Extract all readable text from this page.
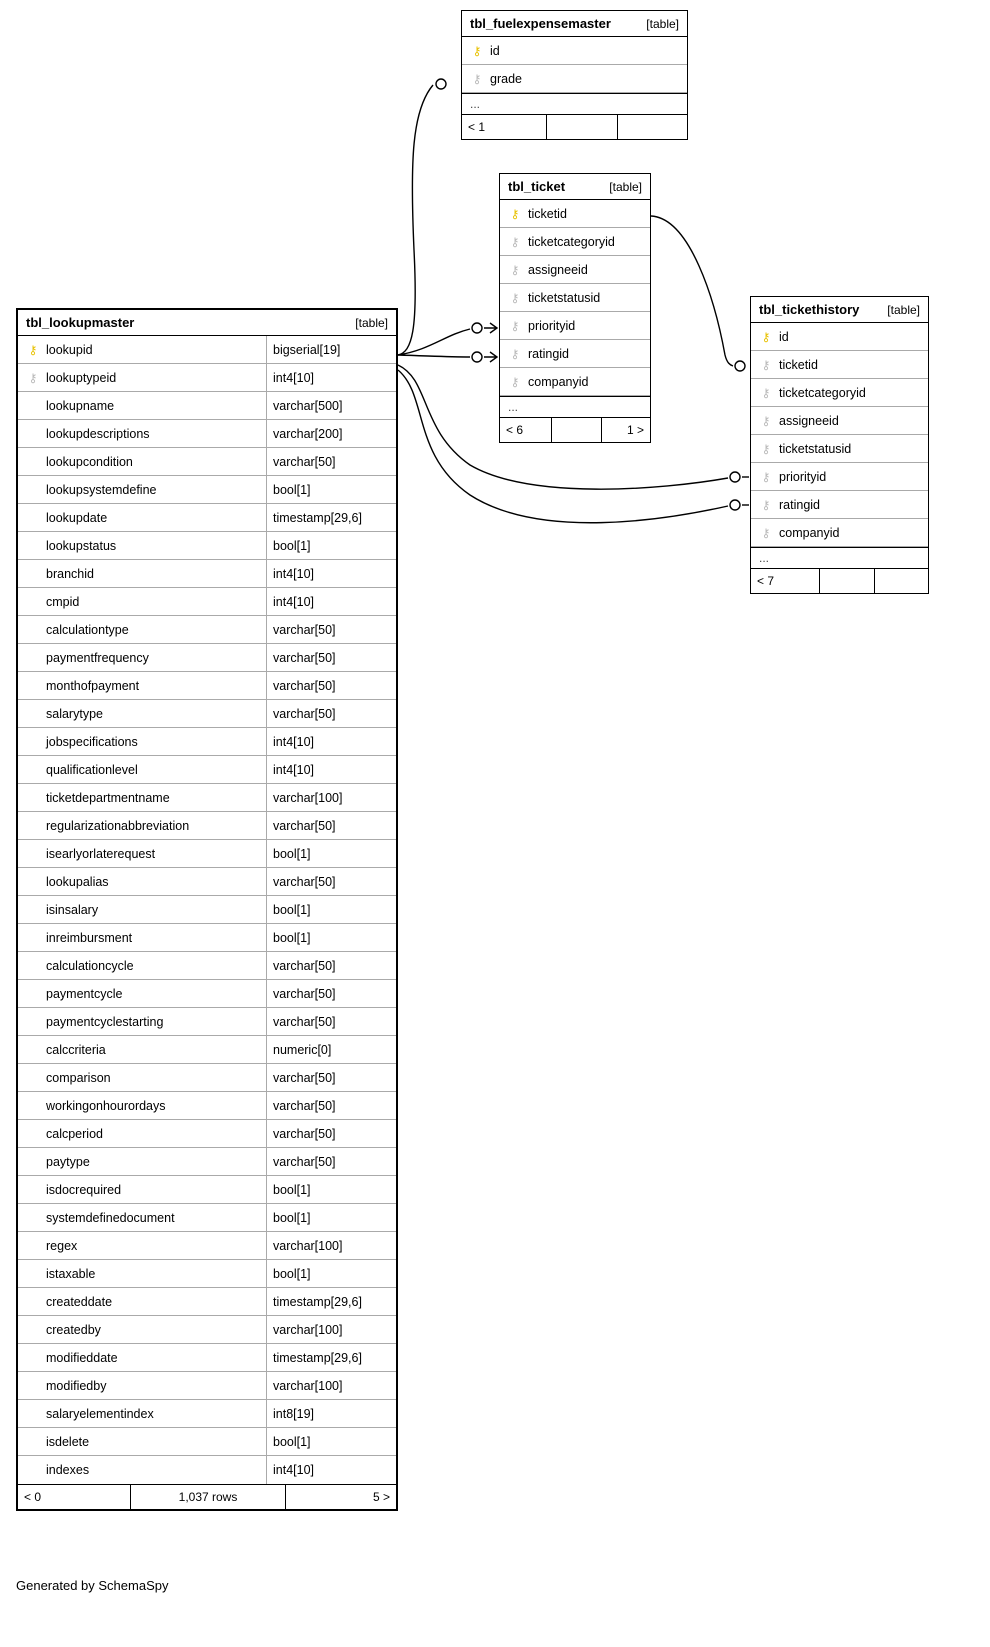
tbl_fuelexpensemaster	[table]
⚷ id
⚷ grade
...
< 1
tbl_ticket	[table]
⚷ ticketid
⚷ ticketcategoryid
⚷ assigneeid
⚷ ticketstatusid
⚷ priorityid
⚷ ratingid
⚷ companyid
...
< 6	1 >
tbl_tickethistory [table]
⚷ id
⚷ ticketid
⚷ ticketcategoryid
⚷ assigneeid
⚷ ticketstatusid
⚷ priorityid
⚷ ratingid
⚷ companyid
...
< 7
tbl_lookupmaster	[table]
⚷ lookupid	bigserial[19]
⚷ lookuptypeid	int4[10]
lookupname	varchar[500]
lookupdescriptions	varchar[200]
lookupcondition	varchar[50]
lookupsystemdefine	bool[1]
lookupdate	timestamp[29,6]
lookupstatus	bool[1]
branchid	int4[10]
cmpid	int4[10]
calculationtype	varchar[50]
paymentfrequency	varchar[50]
monthofpayment	varchar[50]
salarytype	varchar[50]
jobspecifications	int4[10]
qualificationlevel	int4[10]
ticketdepartmentname	varchar[100]
regularizationabbreviation	varchar[50]
isearlyorlaterequest	bool[1]
lookupalias	varchar[50]
isinsalary	bool[1]
inreimbursment	bool[1]
calculationcycle	varchar[50]
paymentcycle	varchar[50]
paymentcyclestarting	varchar[50]
calccriteria	numeric[0]
comparison	varchar[50]
workingonhourordays	varchar[50]
calcperiod	varchar[50]
paytype	varchar[50]
isdocrequired	bool[1]
systemdefinedocument	bool[1]
regex	varchar[100]
istaxable	bool[1]
createddate	timestamp[29,6]
createdby	varchar[100]
modifieddate	timestamp[29,6]
modifiedby	varchar[100]
salaryelementindex	int8[19]
isdelete	bool[1]
indexes	int4[10]
< 0	1,037 rows	5 >
Generated by SchemaSpy
